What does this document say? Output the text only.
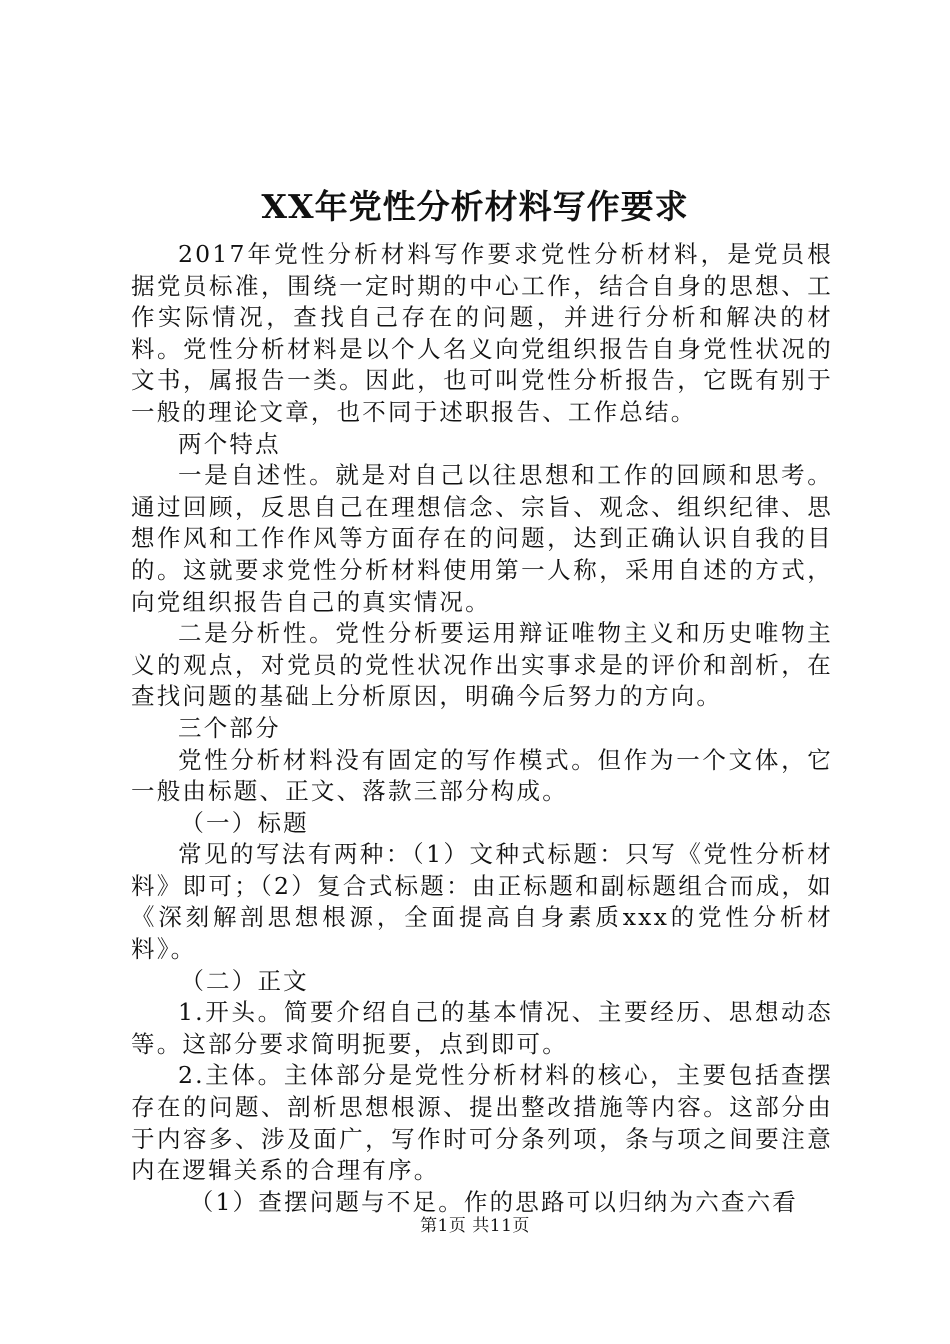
XX年党性分析材料写作要求

2017年党性分析材料写作要求党性分析材料，是党员根据党员标准，围绕一定时期的中心工作，结合自身的思想、工作实际情况，查找自己存在的问题，并进行分析和解决的材料。党性分析材料是以个人名义向党组织报告自身党性状况的文书，属报告一类。因此，也可叫党性分析报告，它既有别于一般的理论文章，也不同于述职报告、工作总结。

两个特点

一是自述性。就是对自己以往思想和工作的回顾和思考。通过回顾，反思自己在理想信念、宗旨、观念、组织纪律、思想作风和工作作风等方面存在的问题，达到正确认识自我的目的。这就要求党性分析材料使用第一人称，采用自述的方式，向党组织报告自己的真实情况。

二是分析性。党性分析要运用辩证唯物主义和历史唯物主义的观点，对党员的党性状况作出实事求是的评价和剖析，在查找问题的基础上分析原因，明确今后努力的方向。

三个部分

党性分析材料没有固定的写作模式。但作为一个文体，它一般由标题、正文、落款三部分构成。

（一）标题

常见的写法有两种：（1）文种式标题：只写《党性分析材料》即可；（2）复合式标题：由正标题和副标题组合而成，如《深刻解剖思想根源，全面提高自身素质xxx的党性分析材料》。

（二）正文

1.开头。简要介绍自己的基本情况、主要经历、思想动态等。这部分要求简明扼要，点到即可。

2.主体。主体部分是党性分析材料的核心，主要包括查摆存在的问题、剖析思想根源、提出整改措施等内容。这部分由于内容多、涉及面广，写作时可分条列项，条与项之间要注意内在逻辑关系的合理有序。

（1）查摆问题与不足。作的思路可以归纳为六查六看

第1页 共11页
